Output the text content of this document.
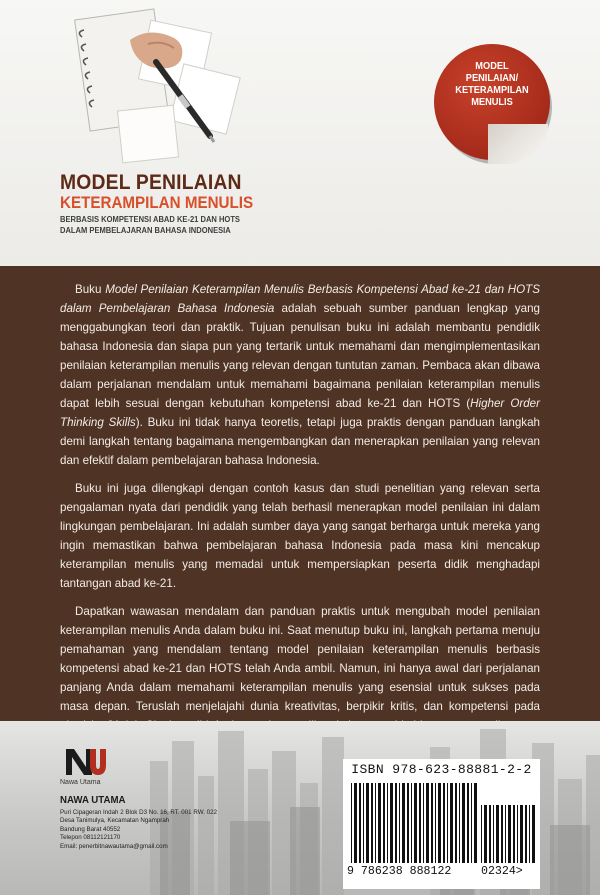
MODEL PENILAIAN
KETERAMPILAN MENULIS
BERBASIS KOMPETENSI ABAD KE-21 DAN HOTS
DALAM PEMBELAJARAN BAHASA INDONESIA
MODEL
PENILAIAN/
KETERAMPILAN
MENULIS

Buku Model Penilaian Keterampilan Menulis Berbasis Kompetensi Abad ke-21 dan HOTS dalam Pembelajaran Bahasa Indonesia adalah sebuah sumber panduan lengkap yang menggabungkan teori dan praktik. Tujuan penulisan buku ini adalah membantu pendidik bahasa Indonesia dan siapa pun yang tertarik untuk memahami dan mengimplementasikan penilaian keterampilan menulis yang relevan dengan tuntutan zaman. Pembaca akan dibawa dalam perjalanan mendalam untuk memahami bagaimana penilaian keterampilan menulis dapat lebih sesuai dengan kebutuhan kompetensi abad ke-21 dan HOTS (Higher Order Thinking Skills). Buku ini tidak hanya teoretis, tetapi juga praktis dengan panduan langkah demi langkah tentang bagaimana mengembangkan dan menerapkan penilaian yang relevan dan efektif dalam pembelajaran bahasa Indonesia.

Buku ini juga dilengkapi dengan contoh kasus dan studi penelitian yang relevan serta pengalaman nyata dari pendidik yang telah berhasil menerapkan model penilaian ini dalam lingkungan pembelajaran. Ini adalah sumber daya yang sangat berharga untuk mereka yang ingin memastikan bahwa pembelajaran bahasa Indonesia pada masa kini mencakup keterampilan menulis yang memadai untuk mempersiapkan peserta didik menghadapi tantangan abad ke-21.

Dapatkan wawasan mendalam dan panduan praktis untuk mengubah model penilaian keterampilan menulis Anda dalam buku ini. Saat menutup buku ini, langkah pertama menuju pemahaman yang mendalam tentang model penilaian keterampilan menulis berbasis kompetensi abad ke-21 dan HOTS telah Anda ambil. Namun, ini hanya awal dari perjalanan panjang Anda dalam memahami keterampilan menulis yang esensial untuk sukses pada masa depan. Teruslah menjelajahi dunia kreativitas, berpikir kritis, dan kompetensi pada

Nawa Utama
NAWA UTAMA
Puri Cipageran Indah 2 Blok D3 No. 16, RT. 001 RW. 022
Desa Tanimulya, Kecamatan Ngamprah
Bandung Barat 40552
Telepon 08112121170
Email: penerbitnawautama@gmail.com
ISBN 978-623-88881-2-2
9 786238 888122	02324>
